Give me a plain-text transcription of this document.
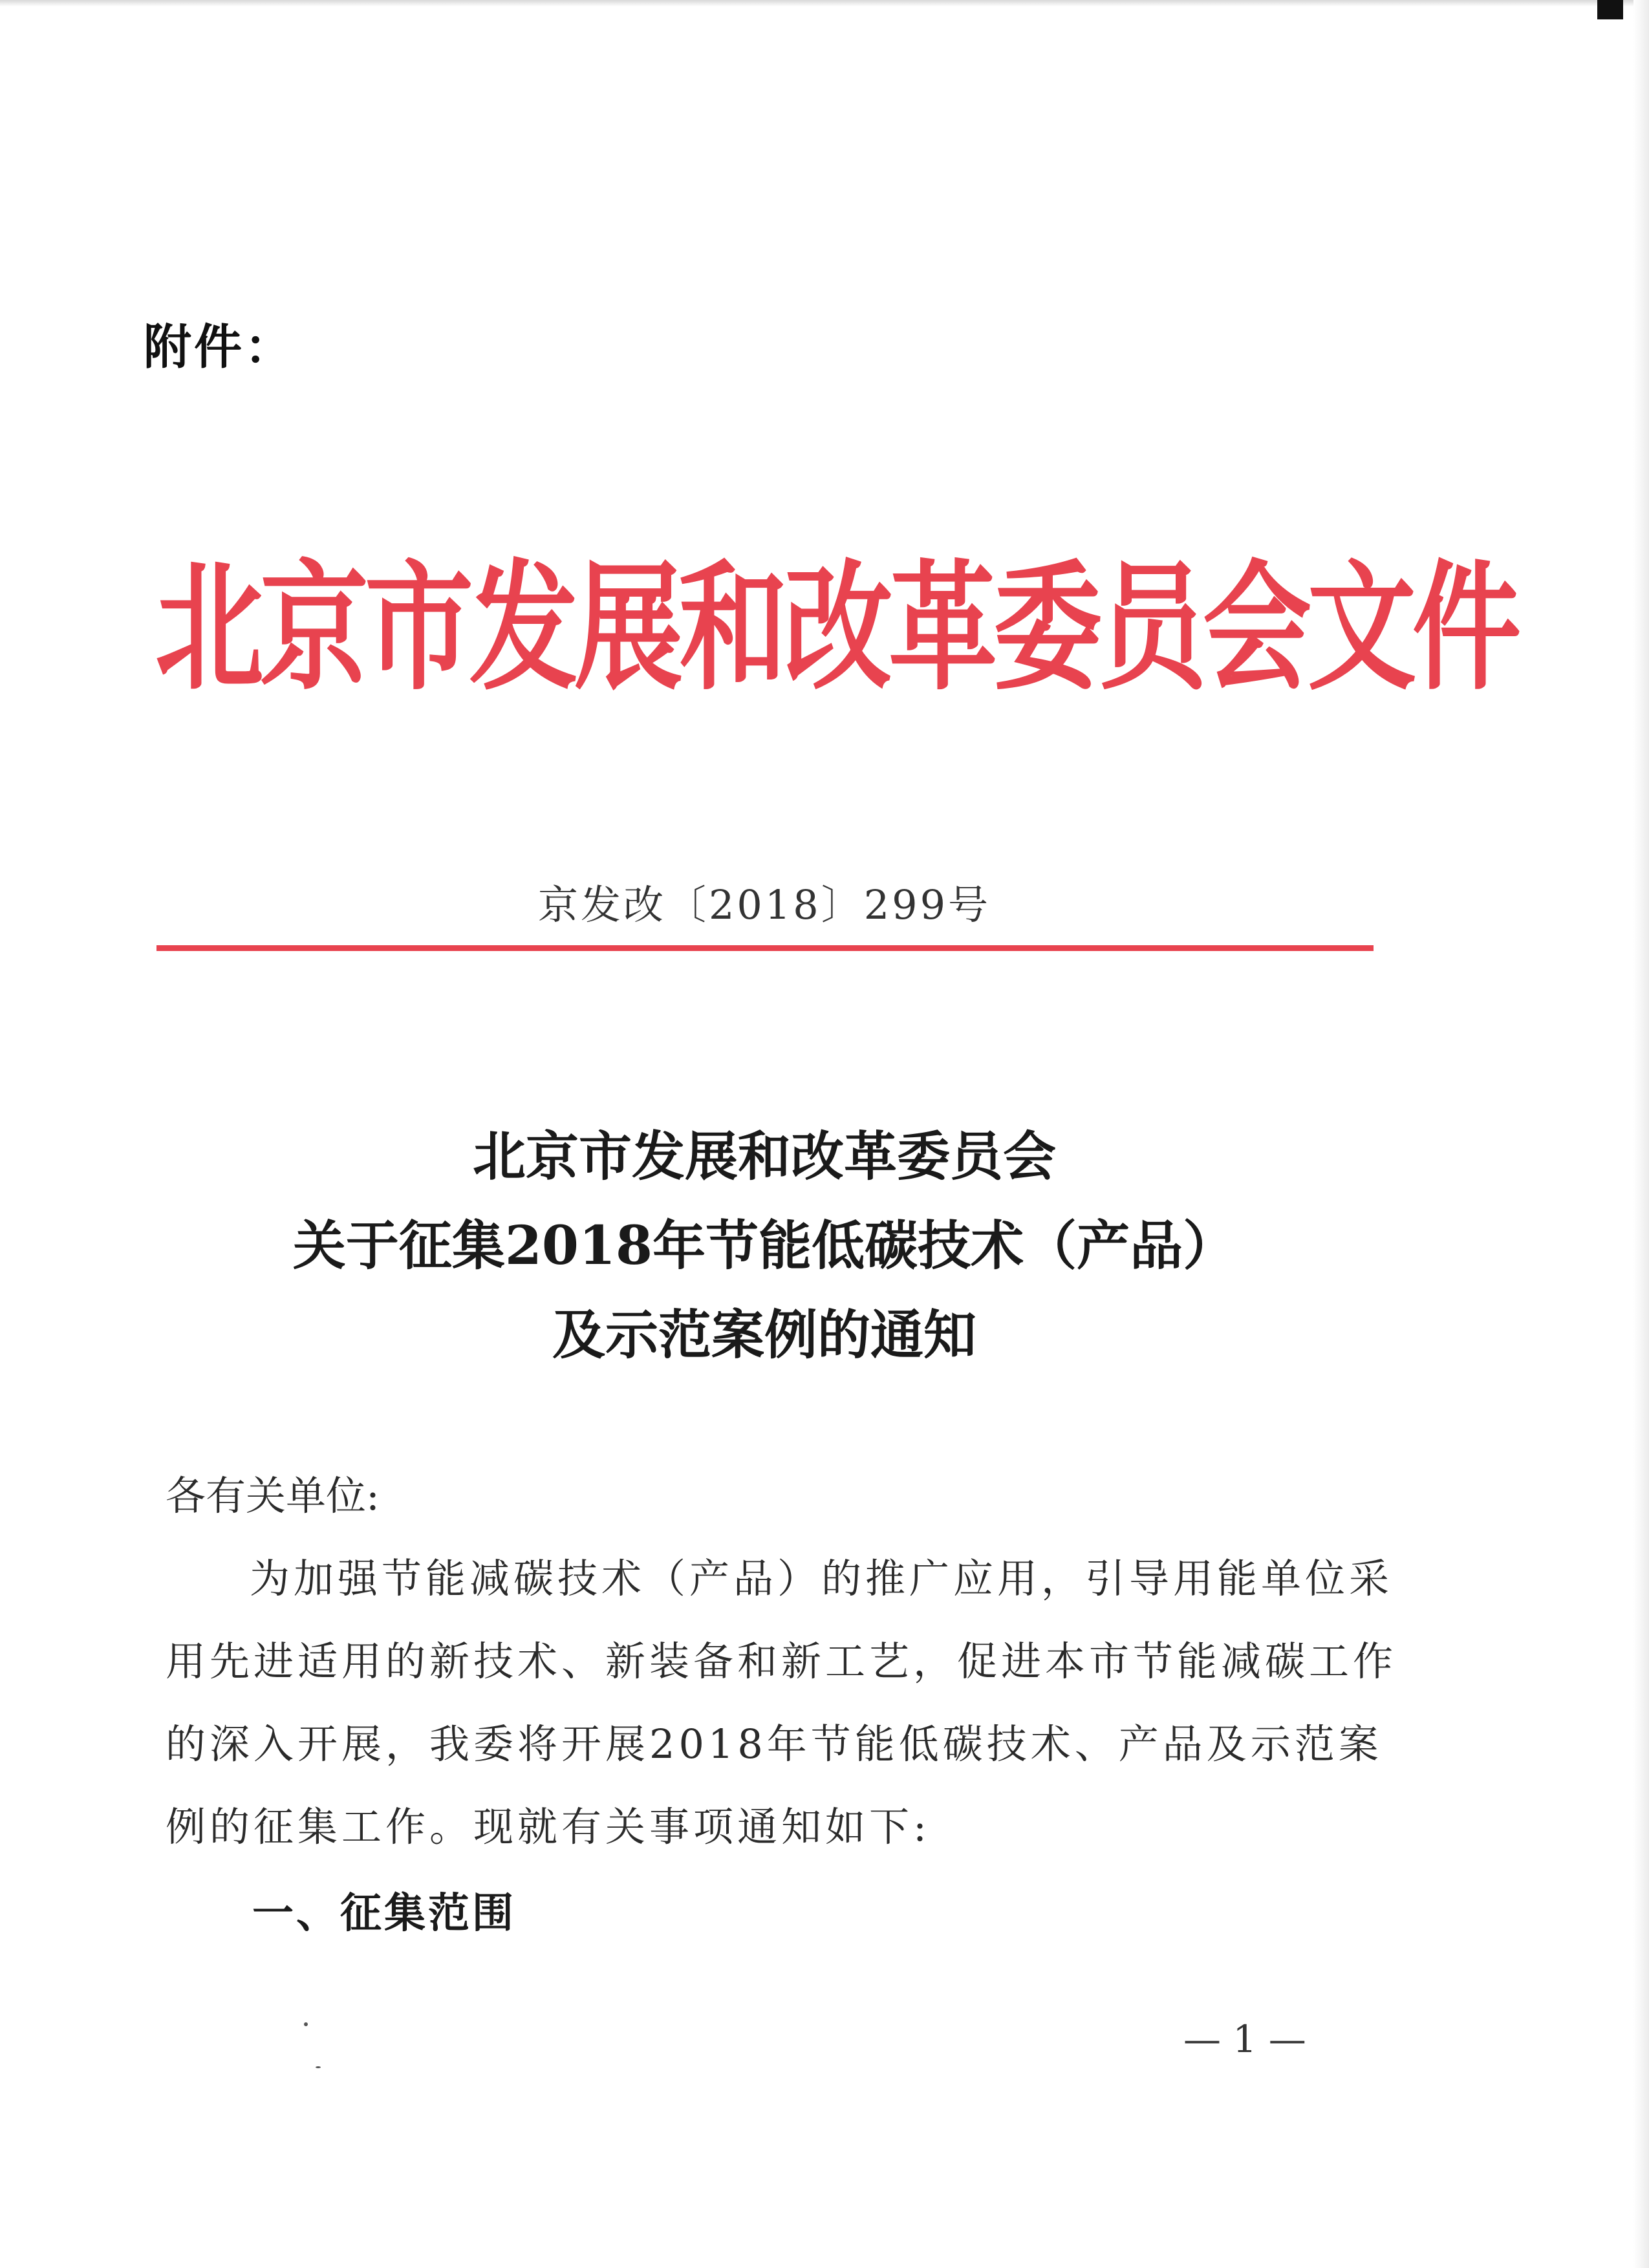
附件：
北京市发展和改革委员会文件
京发改〔2018〕299号
北京市发展和改革委员会
关于征集2018年节能低碳技术（产品）
及示范案例的通知
各有关单位:
为加强节能减碳技术（产品）的推广应用，引导用能单位采
用先进适用的新技术、新装备和新工艺，促进本市节能减碳工作
的深入开展，我委将开展2018年节能低碳技术、产品及示范案
例的征集工作。现就有关事项通知如下:
一、征集范围
— 1 —
